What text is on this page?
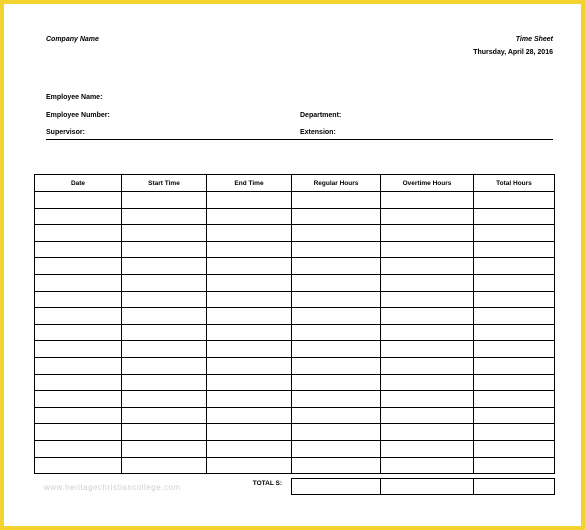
Company Name	Time Sheet
Thursday, April 28, 2016
Employee Name:
Employee Number:	Department:
Supervisor:	Extension:
Date	Start Time	End Time	Regular Hours	Overtime Hours	Total Hours

TOTAL S:

www.heritagechristiancollege.com
